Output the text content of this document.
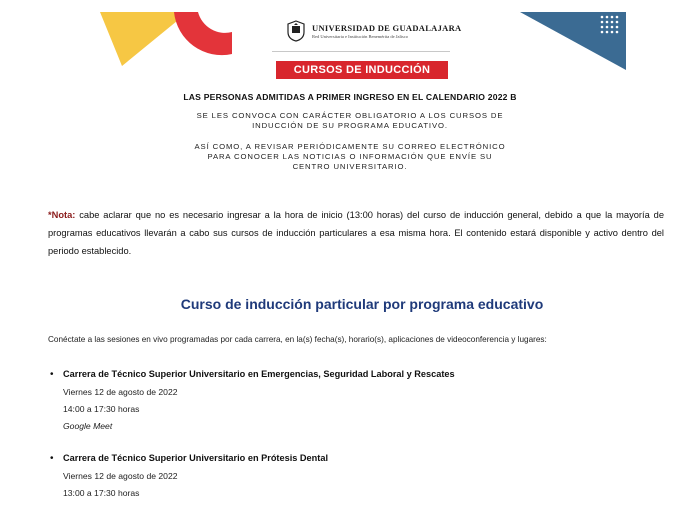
UNIVERSIDAD DE GUADALAJARA
Red Universitaria e Institución Benemérita de Jalisco
CURSOS DE INDUCCIÓN
LAS PERSONAS ADMITIDAS A PRIMER INGRESO EN EL CALENDARIO 2022 B
SE LES CONVOCA CON CARÁCTER OBLIGATORIO A LOS CURSOS DE
INDUCCIÓN DE SU PROGRAMA EDUCATIVO.
ASÍ COMO, A REVISAR PERIÓDICAMENTE SU CORREO ELECTRÓNICO
PARA CONOCER LAS NOTICIAS O INFORMACIÓN QUE ENVÍE SU
CENTRO UNIVERSITARIO.
*Nota: cabe aclarar que no es necesario ingresar a la hora de inicio (13:00 horas) del curso de inducción general, debido a que la mayoría de programas educativos llevarán a cabo sus cursos de inducción particulares a esa misma hora. El contenido estará disponible y activo dentro del periodo establecido.
Curso de inducción particular por programa educativo
Conéctate a las sesiones en vivo programadas por cada carrera, en la(s) fecha(s), horario(s), aplicaciones de videoconferencia y lugares:
• Carrera de Técnico Superior Universitario en Emergencias, Seguridad Laboral y Rescates
Viernes 12 de agosto de 2022
14:00 a 17:30 horas
Google Meet
• Carrera de Técnico Superior Universitario en Prótesis Dental
Viernes 12 de agosto de 2022
13:00 a 17:30 horas
